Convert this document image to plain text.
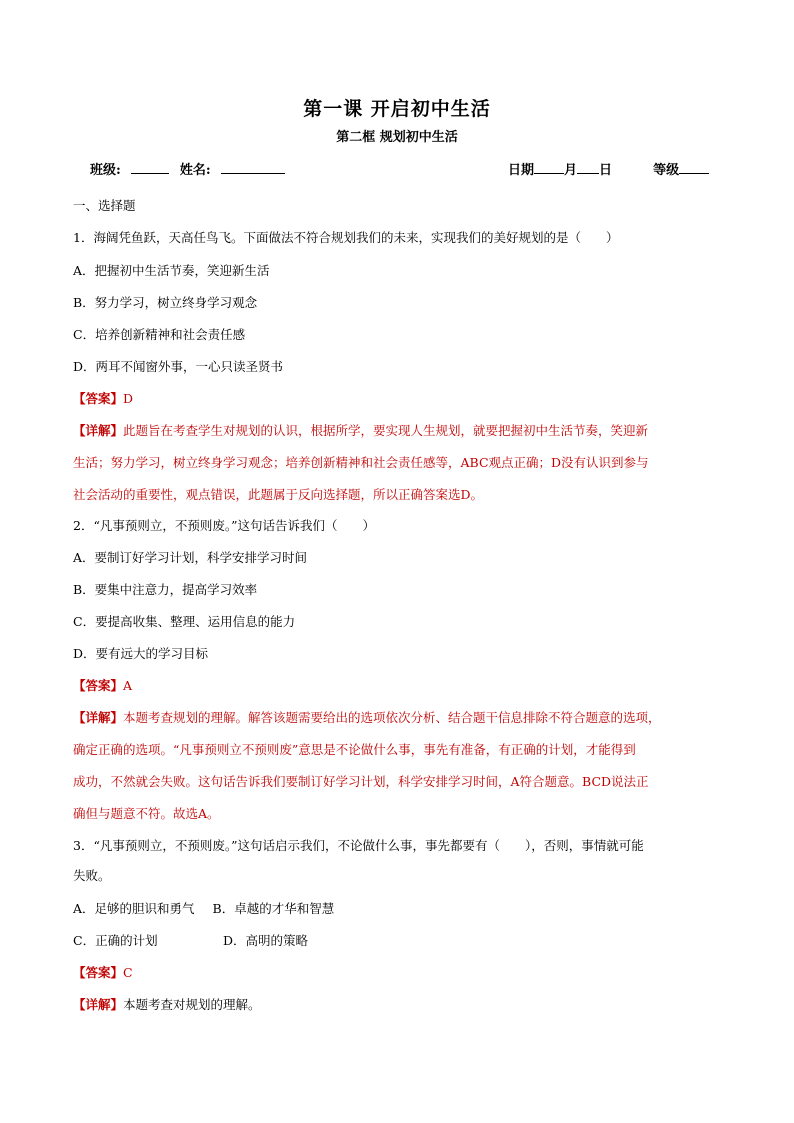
第一课 开启初中生活
第二框 规划初中生活
班级:	姓名:	日期 月 日	等级
一、选择题
1．海阔凭鱼跃，天高任鸟飞。下面做法不符合规划我们的未来，实现我们的美好规划的是（　　）
A．把握初中生活节奏，笑迎新生活
B．努力学习，树立终身学习观念
C．培养创新精神和社会责任感
D．两耳不闻窗外事，一心只读圣贤书
【答案】D
【详解】此题旨在考查学生对规划的认识，根据所学，要实现人生规划，就要把握初中生活节奏，笑迎新
生活；努力学习，树立终身学习观念；培养创新精神和社会责任感等，ABC观点正确；D没有认识到参与
社会活动的重要性，观点错误，此题属于反向选择题，所以正确答案选D。
2．“凡事预则立，不预则废。”这句话告诉我们（　　）
A．要制订好学习计划，科学安排学习时间
B．要集中注意力，提高学习效率
C．要提高收集、整理、运用信息的能力
D．要有远大的学习目标
【答案】A
【详解】本题考查规划的理解。解答该题需要给出的选项依次分析、结合题干信息排除不符合题意的选项，
确定正确的选项。“凡事预则立不预则废”意思是不论做什么事，事先有准备，有正确的计划，才能得到
成功，不然就会失败。这句话告诉我们要制订好学习计划，科学安排学习时间，A符合题意。BCD说法正
确但与题意不符。故选A。
3．“凡事预则立，不预则废。”这句话启示我们，不论做什么事，事先都要有（　　），否则，事情就可能
失败。
A．足够的胆识和勇气 B．卓越的才华和智慧
C．正确的计划	D．高明的策略
【答案】C
【详解】本题考查对规划的理解。
